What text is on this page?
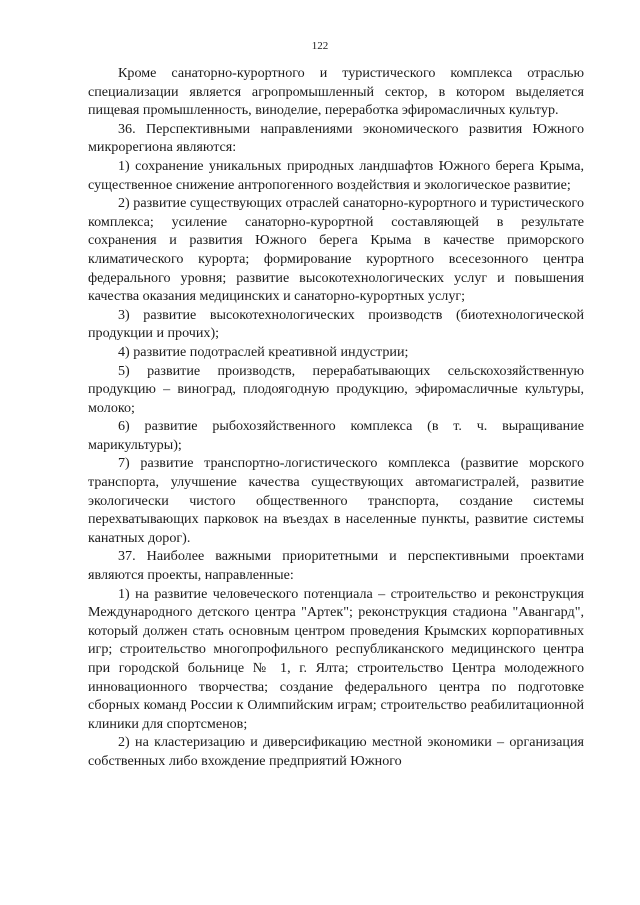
122

Кроме санаторно-курортного и туристического комплекса отраслью специализации является агропромышленный сектор, в котором выделяется пищевая промышленность, виноделие, переработка эфиромасличных культур.

36. Перспективными направлениями экономического развития Южного микрорегиона являются:

1) сохранение уникальных природных ландшафтов Южного берега Крыма, существенное снижение антропогенного воздействия и экологическое развитие;

2) развитие существующих отраслей санаторно-курортного и туристического комплекса; усиление санаторно-курортной составляющей в результате сохранения и развития Южного берега Крыма в качестве приморского климатического курорта; формирование курортного всесезонного центра федерального уровня; развитие высокотехнологических услуг и повышения качества оказания медицинских и санаторно-курортных услуг;

3) развитие высокотехнологических производств (биотехнологической продукции и прочих);

4) развитие подотраслей креативной индустрии;

5) развитие производств, перерабатывающих сельскохозяйственную продукцию – виноград, плодоягодную продукцию, эфиромасличные культуры, молоко;

6) развитие рыбохозяйственного комплекса (в т. ч. выращивание марикультуры);

7) развитие транспортно-логистического комплекса (развитие морского транспорта, улучшение качества существующих автомагистралей, развитие экологически чистого общественного транспорта, создание системы перехватывающих парковок на въездах в населенные пункты, развитие системы канатных дорог).

37. Наиболее важными приоритетными и перспективными проектами являются проекты, направленные:

1) на развитие человеческого потенциала – строительство и реконструкция Международного детского центра "Артек"; реконструкция стадиона "Авангард", который должен стать основным центром проведения Крымских корпоративных игр; строительство многопрофильного республиканского медицинского центра при городской больнице № 1, г. Ялта; строительство Центра молодежного инновационного творчества; создание федерального центра по подготовке сборных команд России к Олимпийским играм; строительство реабилитационной клиники для спортсменов;

2) на кластеризацию и диверсификацию местной экономики – организация собственных либо вхождение предприятий Южного
